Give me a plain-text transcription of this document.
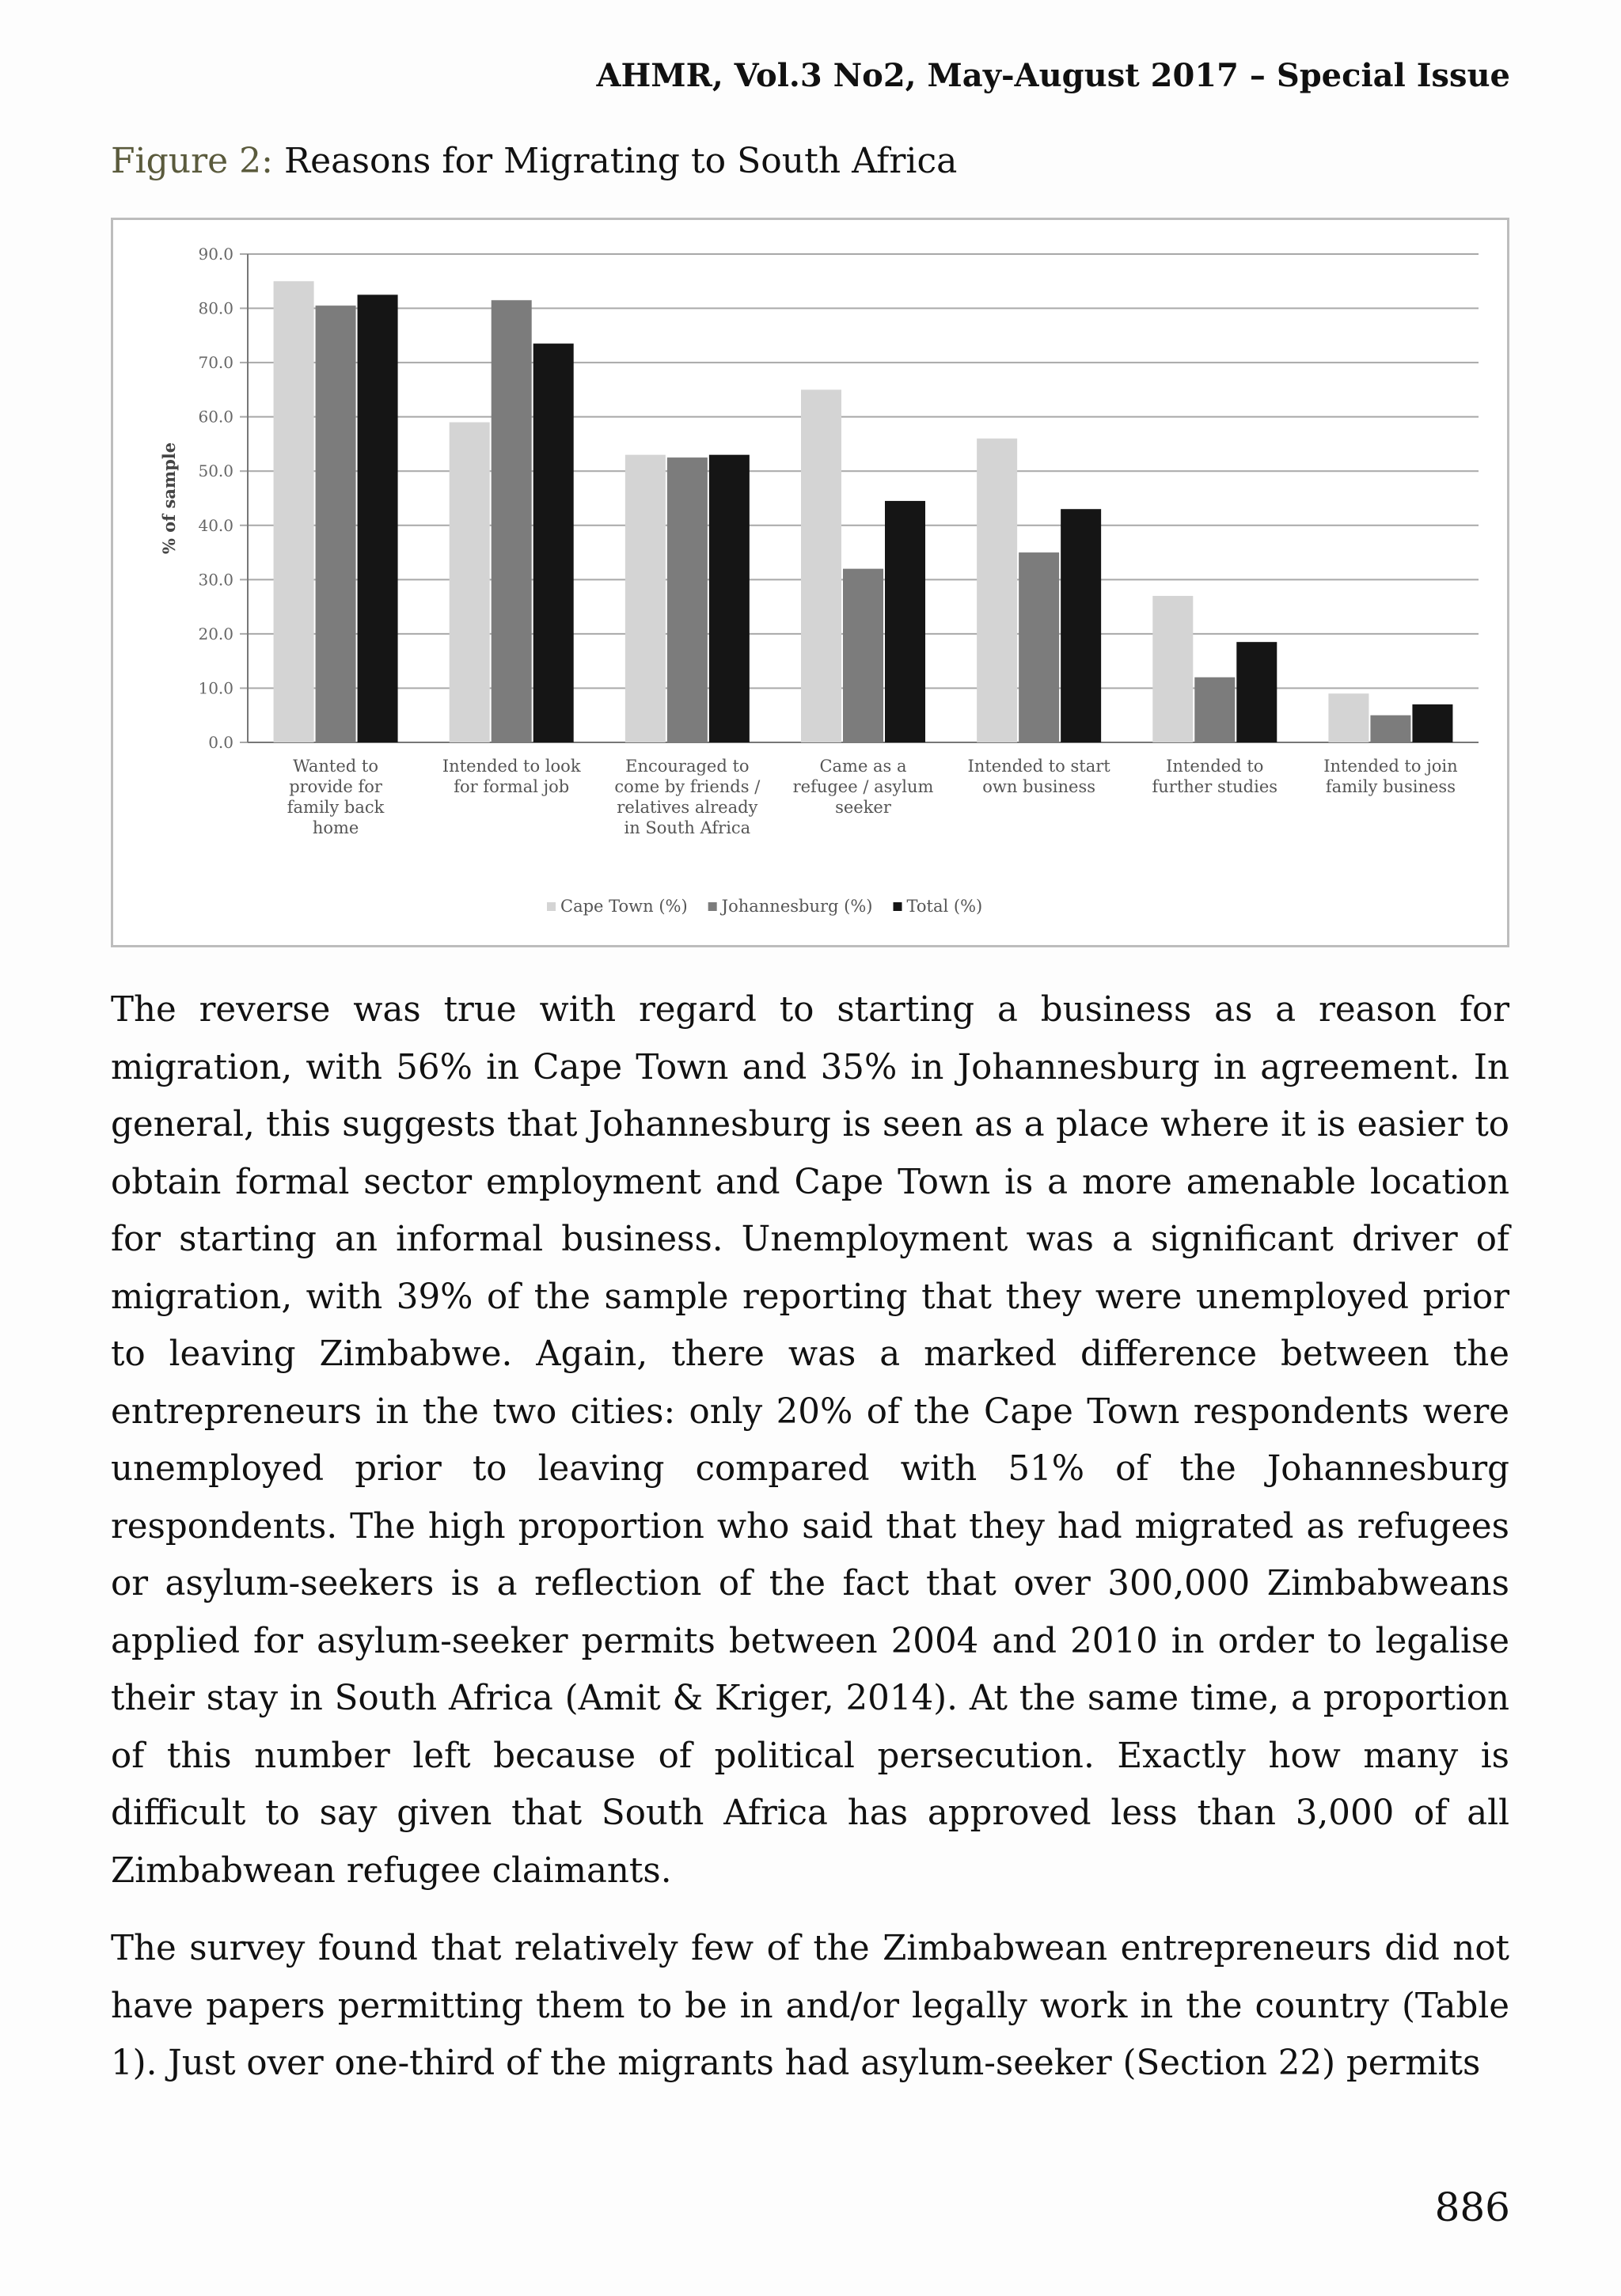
AHMR, Vol.3 No2, May-August 2017 – Special Issue
Figure 2: Reasons for Migrating to South Africa
0.0
10.0
20.0
30.0
40.0
50.0
60.0
70.0
80.0
90.0
% of sample
Wanted to
provide for
family back
home
Intended to look
for formal job
Encouraged to
come by friends /
relatives already
in South Africa
Came as a
refugee / asylum
seeker
Intended to start
own business
Intended to
further studies
Intended to join
family business
Cape Town (%) Johannesburg (%) Total (%)

The reverse was true with regard to starting a business as a reason for migration, with 56% in Cape Town and 35% in Johannesburg in agreement. In general, this suggests that Johannesburg is seen as a place where it is easier to obtain formal sector employment and Cape Town is a more amenable location for starting an informal business. Unemployment was a significant driver of migration, with 39% of the sample reporting that they were unemployed prior to leaving Zimbabwe. Again, there was a marked difference between the entrepreneurs in the two cities: only 20% of the Cape Town respondents were unemployed prior to leaving compared with 51% of the Johannesburg respondents. The high proportion who said that they had migrated as refugees or asylum-seekers is a reflection of the fact that over 300,000 Zimbabweans applied for asylum-seeker permits between 2004 and 2010 in order to legalise their stay in South Africa (Amit & Kriger, 2014). At the same time, a proportion of this number left because of political persecution. Exactly how many is difficult to say given that South Africa has approved less than 3,000 of all Zimbabwean refugee claimants.

The survey found that relatively few of the Zimbabwean entrepreneurs did not have papers permitting them to be in and/or legally work in the country (Table 1). Just over one-third of the migrants had asylum-seeker (Section 22) permits

886
